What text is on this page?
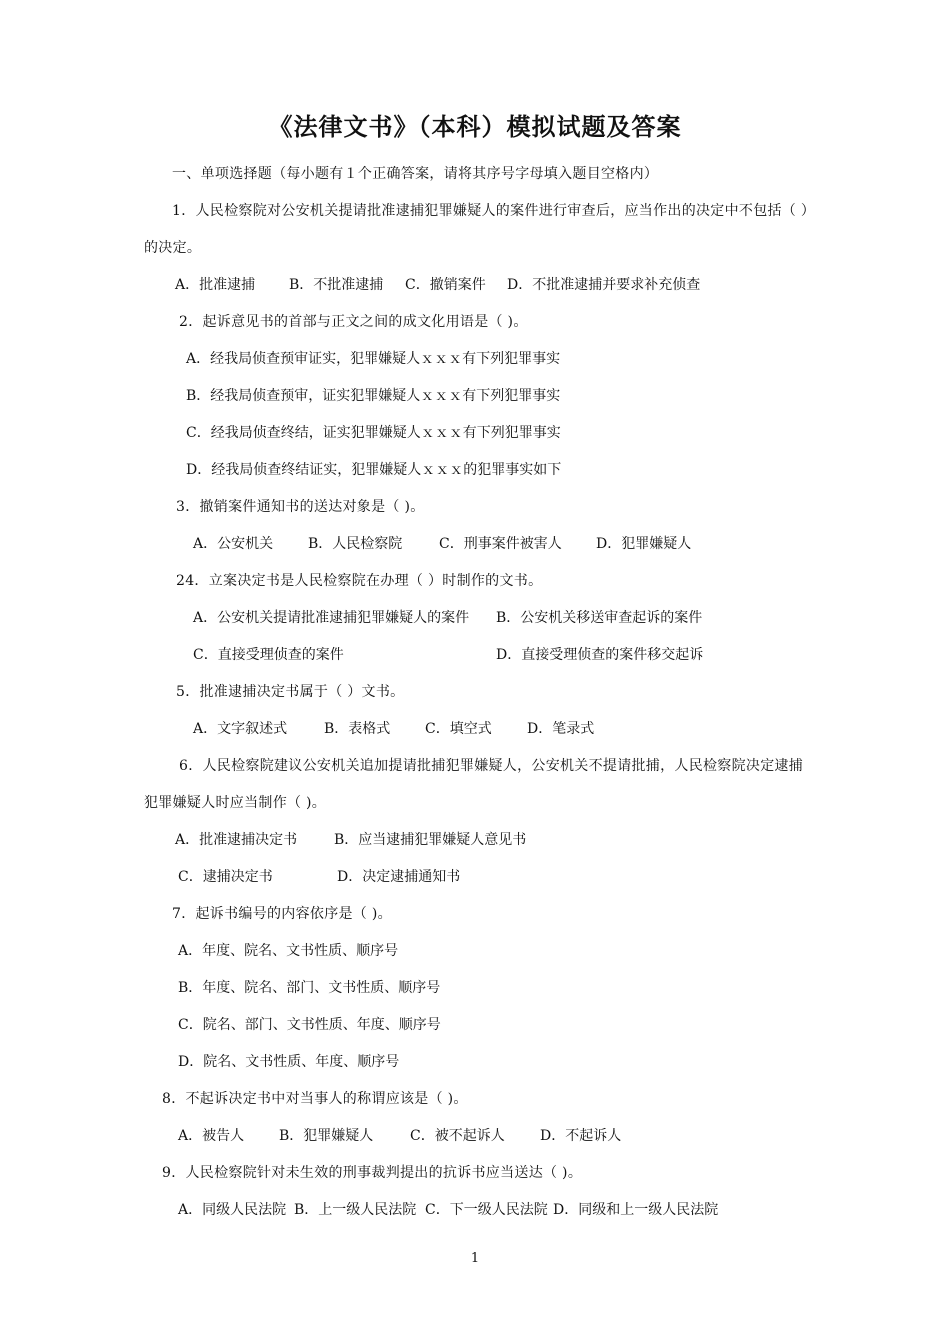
《法律文书》（本科）模拟试题及答案

一、单项选择题（每小题有１个正确答案，请将其序号字母填入题目空格内）

1．人民检察院对公安机关提请批准逮捕犯罪嫌疑人的案件进行审查后，应当作出的决定中不包括（ ）

的决定。

A．批准逮捕 B．不批准逮捕 C．撤销案件 D．不批准逮捕并要求补充侦查

2．起诉意见书的首部与正文之间的成文化用语是（ )。

A．经我局侦查预审证实，犯罪嫌疑人ｘｘｘ有下列犯罪事实
B．经我局侦查预审，证实犯罪嫌疑人ｘｘｘ有下列犯罪事实
C．经我局侦查终结，证实犯罪嫌疑人ｘｘｘ有下列犯罪事实
D．经我局侦查终结证实，犯罪嫌疑人ｘｘｘ的犯罪事实如下

3．撤销案件通知书的送达对象是（ )。

A．公安机关 B．人民检察院	C．刑事案件被害人 D．犯罪嫌疑人

24．立案决定书是人民检察院在办理（ ）时制作的文书。

A．公安机关提请批准逮捕犯罪嫌疑人的案件 B．公安机关移送审查起诉的案件
C．直接受理侦查的案件	D．直接受理侦查的案件移交起诉

5．批准逮捕决定书属于（ ）文书。

A．文字叙述式	B．表格式 C．填空式	D．笔录式

6．人民检察院建议公安机关追加提请批捕犯罪嫌疑人，公安机关不提请批捕，人民检察院决定逮捕

犯罪嫌疑人时应当制作（ )。

A．批准逮捕决定书	B．应当逮捕犯罪嫌疑人意见书
C．逮捕决定书	D．决定逮捕通知书

7．起诉书编号的内容依序是（ )。

A．年度、院名、文书性质、顺序号
B．年度、院名、部门、文书性质、顺序号
C．院名、部门、文书性质、年度、顺序号
D．院名、文书性质、年度、顺序号

8．不起诉决定书中对当事人的称谓应该是（ )。

A．被告人 B．犯罪嫌疑人	C．被不起诉人	D．不起诉人

9．人民检察院针对未生效的刑事裁判提出的抗诉书应当送达（ )。

A．同级人民法院 B．上一级人民法院 C．下一级人民法院 D．同级和上一级人民法院
1
